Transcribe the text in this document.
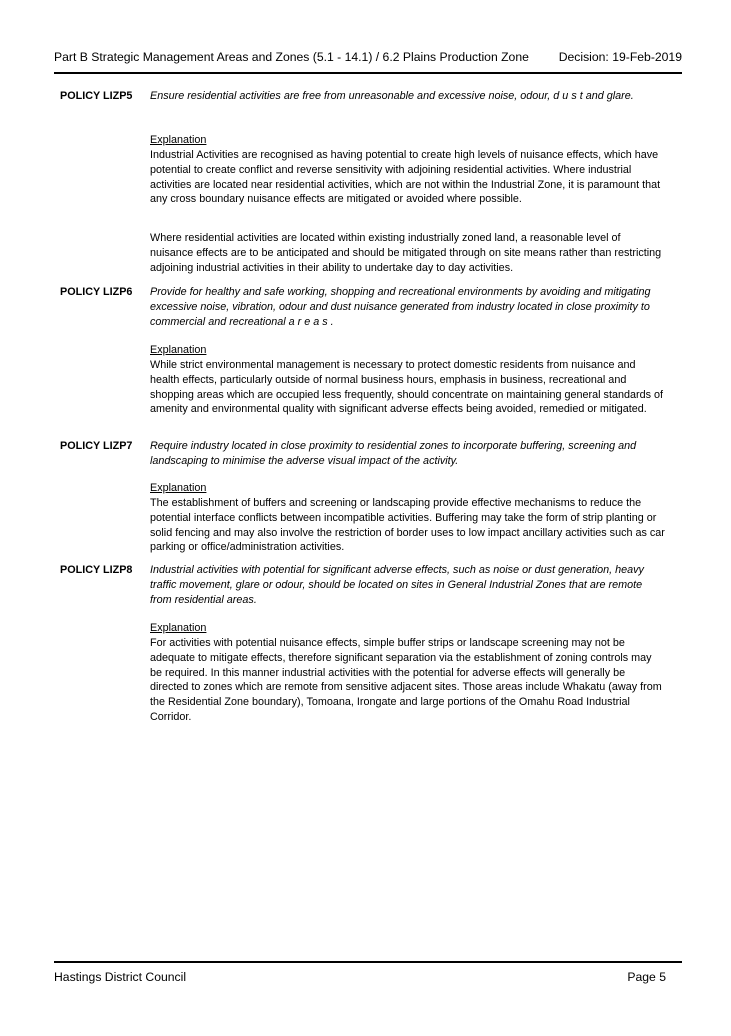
Part B Strategic Management Areas and Zones (5.1 - 14.1) / 6.2 Plains Production Zone Decision: 19-Feb-2019
POLICY LIZP5 Ensure residential activities are free from unreasonable and excessive noise, odour, d u s t and glare.
Explanation
Industrial Activities are recognised as having potential to create high levels of nuisance effects, which have potential to create conflict and reverse sensitivity with adjoining residential activities. Where industrial activities are located near residential activities, which are not within the Industrial Zone, it is paramount that any cross boundary nuisance effects are mitigated or avoided where possible.
Where residential activities are located within existing industrially zoned land, a reasonable level of nuisance effects are to be anticipated and should be mitigated through on site means rather than restricting adjoining industrial activities in their ability to undertake day to day activities.
POLICY LIZP6 Provide for healthy and safe working, shopping and recreational environments by avoiding and mitigating excessive noise, vibration, odour and dust nuisance generated from industry located in close proximity to commercial and recreational a r e a s .
Explanation
While strict environmental management is necessary to protect domestic residents from nuisance and health effects, particularly outside of normal business hours, emphasis in business, recreational and shopping areas which are occupied less frequently, should concentrate on maintaining general standards of amenity and environmental quality with significant adverse effects being avoided, remedied or mitigated.
POLICY LIZP7 Require industry located in close proximity to residential zones to incorporate buffering, screening and landscaping to minimise the adverse visual impact of the activity.
Explanation
The establishment of buffers and screening or landscaping provide effective mechanisms to reduce the potential interface conflicts between incompatible activities. Buffering may take the form of strip planting or solid fencing and may also involve the restriction of border uses to low impact ancillary activities such as car parking or office/administration activities.
POLICY LIZP8 Industrial activities with potential for significant adverse effects, such as noise or dust generation, heavy traffic movement, glare or odour, should be located on sites in General Industrial Zones that are remote from residential areas.
Explanation
For activities with potential nuisance effects, simple buffer strips or landscape screening may not be adequate to mitigate effects, therefore significant separation via the establishment of zoning controls may be required. In this manner industrial activities with the potential for adverse effects will generally be directed to zones which are remote from sensitive adjacent sites. Those areas include Whakatu (away from the Residential Zone boundary), Tomoana, Irongate and large portions of the Omahu Road Industrial Corridor.
Hastings District Council	Page 5
